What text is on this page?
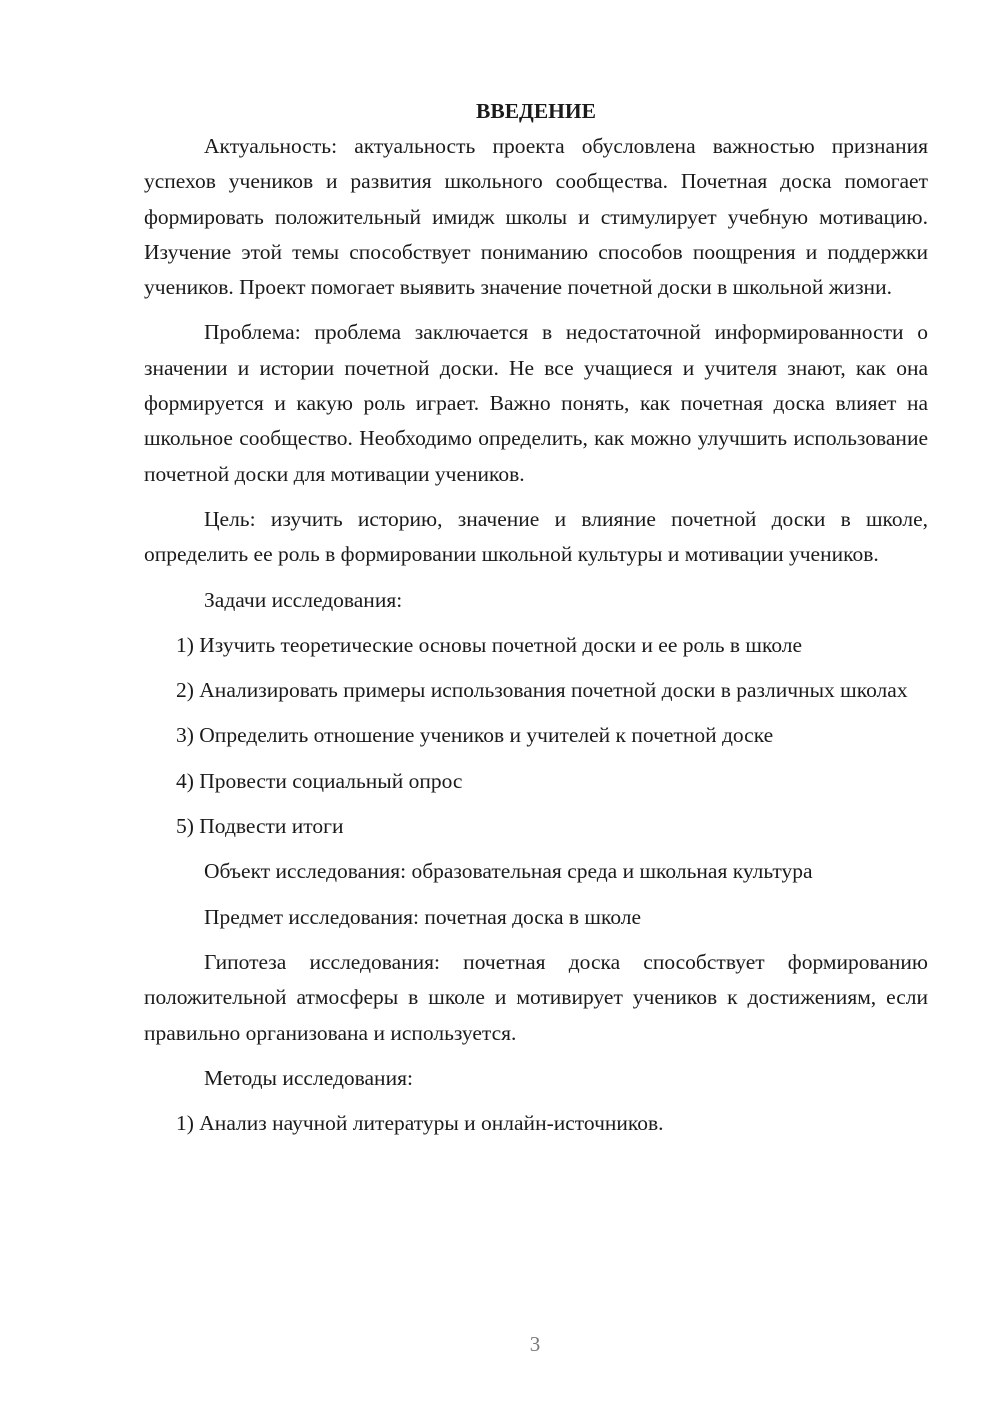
ВВЕДЕНИЕ

Актуальность: актуальность проекта обусловлена важностью признания успехов учеников и развития школьного сообщества. Почетная доска помогает формировать положительный имидж школы и стимулирует учебную мотивацию. Изучение этой темы способствует пониманию способов поощрения и поддержки учеников. Проект помогает выявить значение почетной доски в школьной жизни.

Проблема: проблема заключается в недостаточной информированности о значении и истории почетной доски. Не все учащиеся и учителя знают, как она формируется и какую роль играет. Важно понять, как почетная доска влияет на школьное сообщество. Необходимо определить, как можно улучшить использование почетной доски для мотивации учеников.

Цель: изучить историю, значение и влияние почетной доски в школе, определить ее роль в формировании школьной культуры и мотивации учеников.

Задачи исследования:

1) Изучить теоретические основы почетной доски и ее роль в школе

2) Анализировать примеры использования почетной доски в различных школах

3) Определить отношение учеников и учителей к почетной доске

4) Провести социальный опрос

5) Подвести итоги

Объект исследования: образовательная среда и школьная культура

Предмет исследования: почетная доска в школе

Гипотеза исследования: почетная доска способствует формированию положительной атмосферы в школе и мотивирует учеников к достижениям, если правильно организована и используется.

Методы исследования:

1) Анализ научной литературы и онлайн-источников.

3
